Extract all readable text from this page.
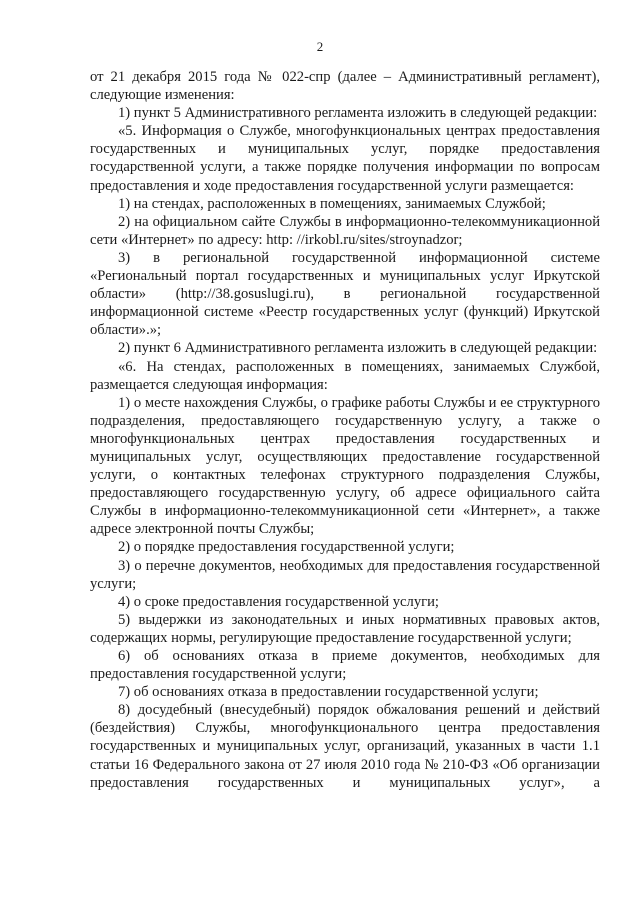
2

от 21 декабря 2015 года № 022-спр (далее – Административный регламент), следующие изменения:

1) пункт 5 Административного регламента изложить в следующей редакции:

«5. Информация о Службе, многофункциональных центрах предоставления государственных и муниципальных услуг, порядке предоставления государственной услуги, а также порядке получения информации по вопросам предоставления и ходе предоставления государственной услуги размещается:

1) на стендах, расположенных в помещениях, занимаемых Службой;

2) на официальном сайте Службы в информационно-телекоммуникационной сети «Интернет» по адресу: http: //irkobl.ru/sites/stroynadzor;

3) в региональной государственной информационной системе «Региональный портал государственных и муниципальных услуг Иркутской области» (http://38.gosuslugi.ru), в региональной государственной информационной системе «Реестр государственных услуг (функций) Иркутской области».»;

2) пункт 6 Административного регламента изложить в следующей редакции:

«6. На стендах, расположенных в помещениях, занимаемых Службой, размещается следующая информация:

1) о месте нахождения Службы, о графике работы Службы и ее структурного подразделения, предоставляющего государственную услугу, а также о многофункциональных центрах предоставления государственных и муниципальных услуг, осуществляющих предоставление государственной услуги, о контактных телефонах структурного подразделения Службы, предоставляющего государственную услугу, об адресе официального сайта Службы в информационно-телекоммуникационной сети «Интернет», а также адресе электронной почты Службы;

2) о порядке предоставления государственной услуги;

3) о перечне документов, необходимых для предоставления государственной услуги;

4) о сроке предоставления государственной услуги;

5) выдержки из законодательных и иных нормативных правовых актов, содержащих нормы, регулирующие предоставление государственной услуги;

6) об основаниях отказа в приеме документов, необходимых для предоставления государственной услуги;

7) об основаниях отказа в предоставлении государственной услуги;

8) досудебный (внесудебный) порядок обжалования решений и действий (бездействия) Службы, многофункционального центра предоставления государственных и муниципальных услуг, организаций, указанных в части 1.1 статьи 16 Федерального закона от 27 июля 2010 года № 210-ФЗ «Об организации предоставления государственных и муниципальных услуг», а
